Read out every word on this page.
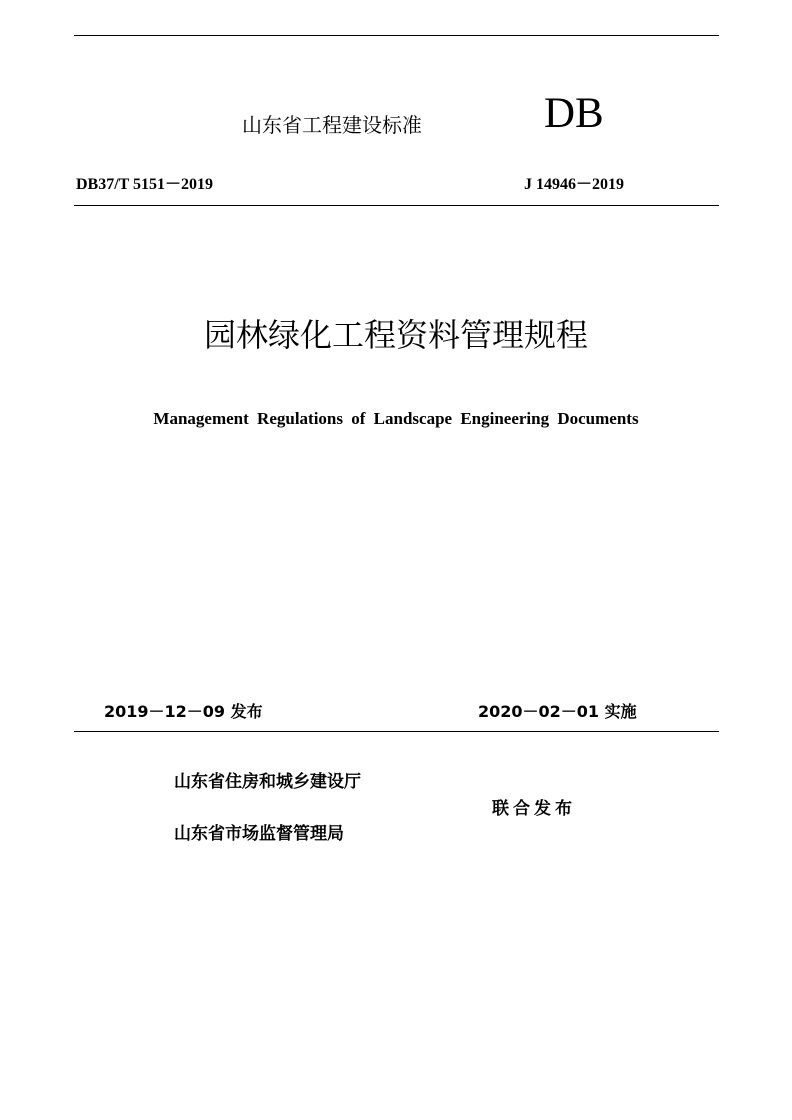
山东省工程建设标准	DB
DB37/T 5151－2019	J 14946－2019
园林绿化工程资料管理规程
Management Regulations of Landscape Engineering Documents
2019－12－09 发布	2020－02－01 实施
山东省住房和城乡建设厅
山东省市场监督管理局
联合发布
